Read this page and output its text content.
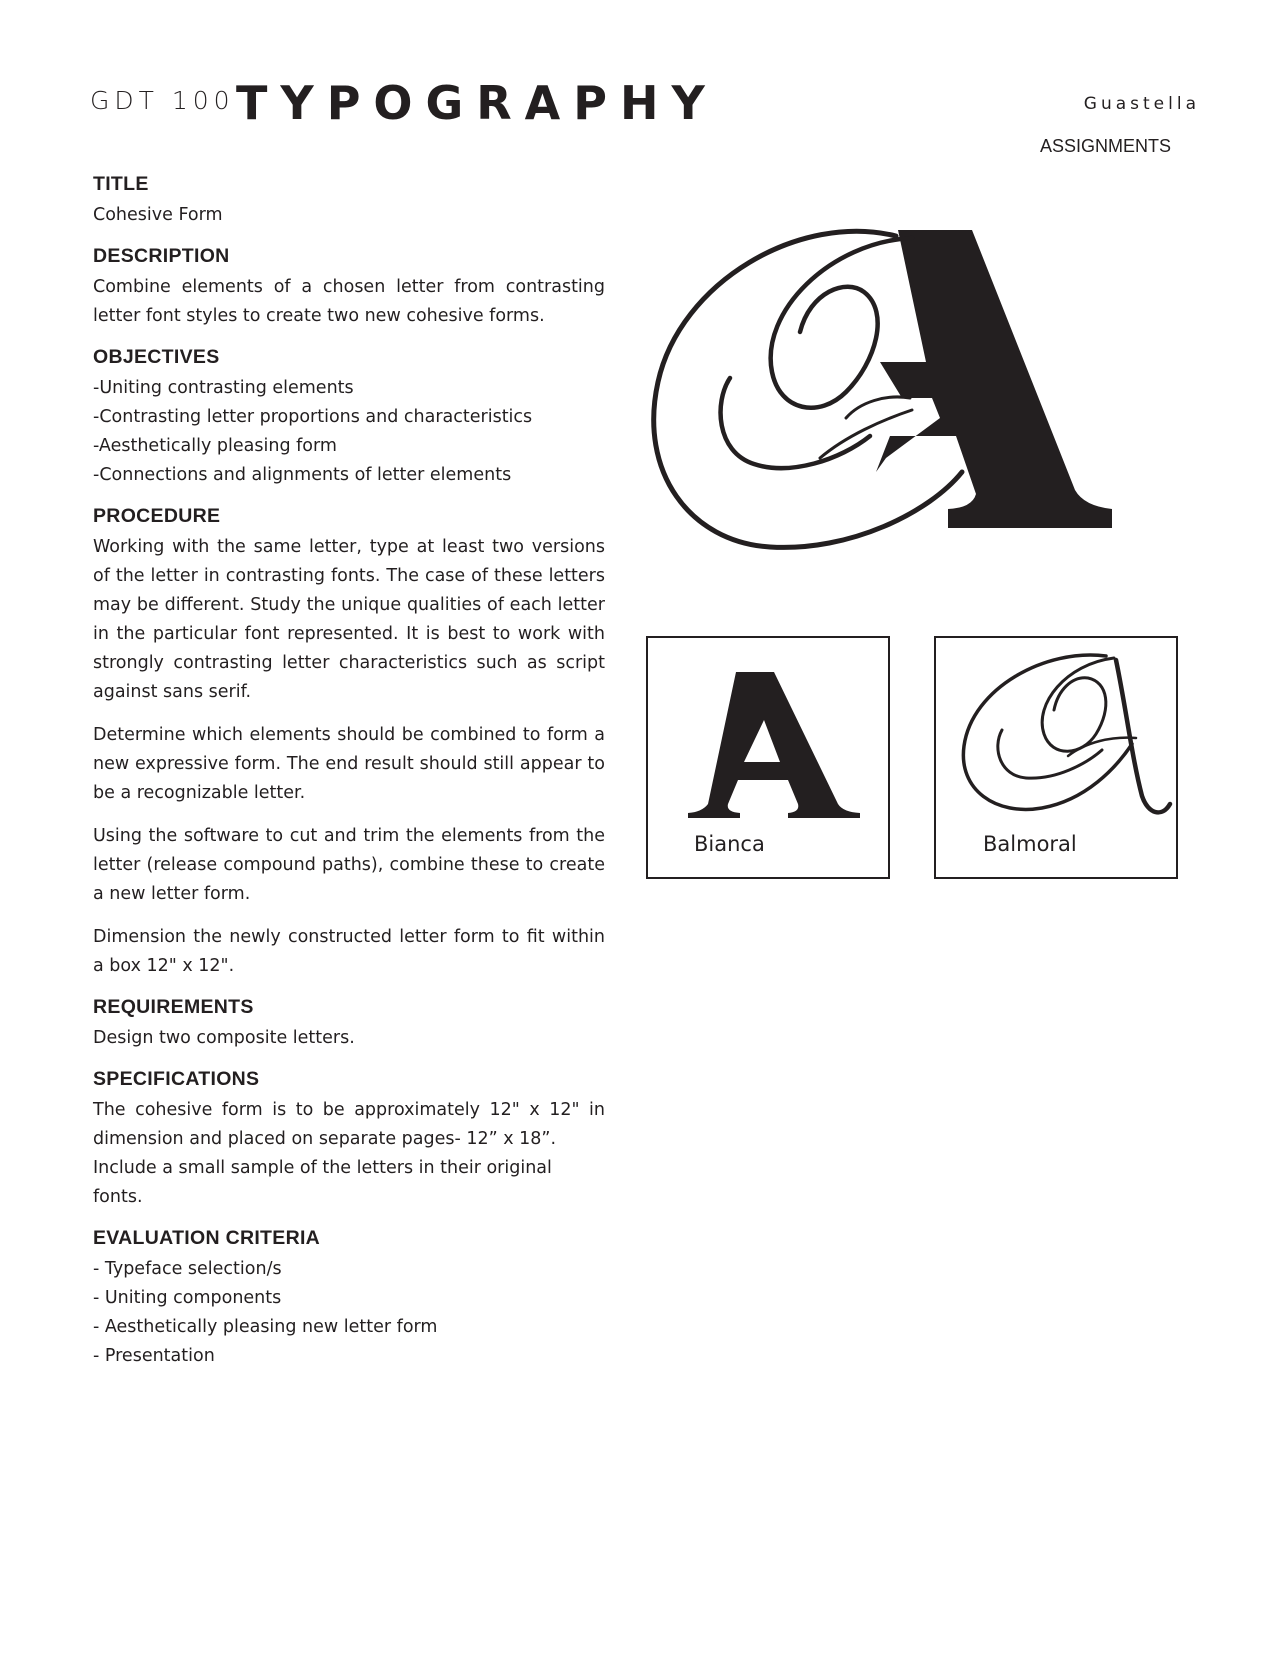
GDT 100 TYPOGRAPHY	Guastella
ASSIGNMENTS
TITLE

Cohesive Form

DESCRIPTION

Combine elements of a chosen letter from contrasting letter font styles to create two new cohesive forms.

OBJECTIVES

-Uniting contrasting elements

-Contrasting letter proportions and characteristics

-Aesthetically pleasing form

-Connections and alignments of letter elements

PROCEDURE

Working with the same letter, type at least two versions of the letter in contrasting fonts. The case of these letters may be different. Study the unique qualities of each letter in the particular font represented. It is best to work with strongly contrasting letter characteristics such as script against sans serif.

Determine which elements should be combined to form a new expressive form. The end result should still appear to be a recognizable letter.

Using the software to cut and trim the elements from the letter (release compound paths), combine these to create a new letter form.

Dimension the newly constructed letter form to fit within a box 12" x 12".

REQUIREMENTS

Design two composite letters.

SPECIFICATIONS

The cohesive form is to be approximately 12" x 12" in dimension and placed on separate pages- 12” x 18”.

Include a small sample of the letters in their original fonts.

EVALUATION CRITERIA

- Typeface selection/s

- Uniting components

- Aesthetically pleasing new letter form

- Presentation

Bianca	Balmoral
